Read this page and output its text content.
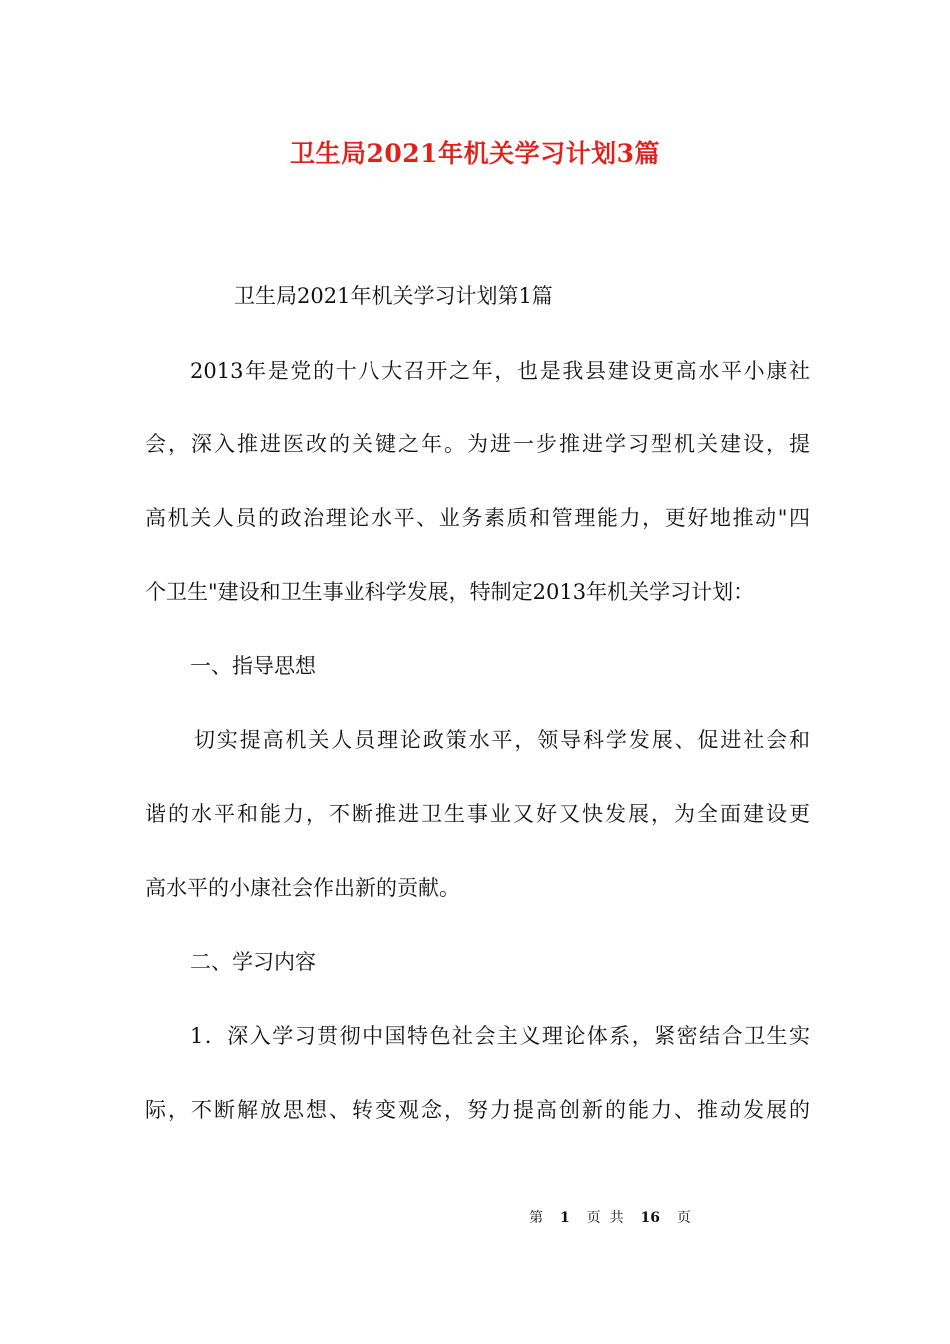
卫生局2021年机关学习计划3篇
卫生局2021年机关学习计划第1篇
2013年是党的十八大召开之年，也是我县建设更高水平小康社
会，深入推进医改的关键之年。为进一步推进学习型机关建设，提
高机关人员的政治理论水平、业务素质和管理能力，更好地推动"四
个卫生"建设和卫生事业科学发展，特制定2013年机关学习计划：
一、指导思想
切实提高机关人员理论政策水平，领导科学发展、促进社会和
谐的水平和能力，不断推进卫生事业又好又快发展，为全面建设更
高水平的小康社会作出新的贡献。
二、学习内容
1．深入学习贯彻中国特色社会主义理论体系，紧密结合卫生实
际，不断解放思想、转变观念，努力提高创新的能力、推动发展的
第 1 页  共 16 页
